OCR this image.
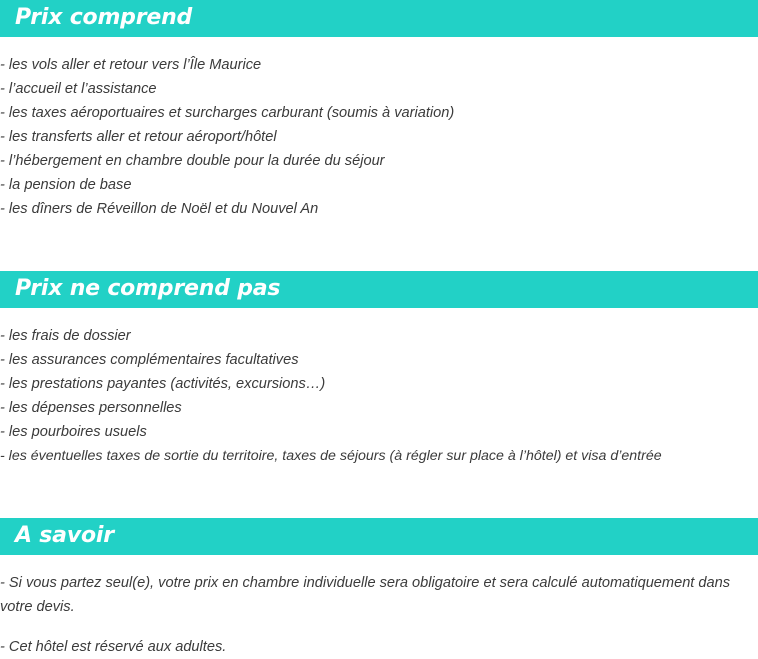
Prix comprend
- les vols aller et retour vers l’Île Maurice
- l’accueil et l’assistance
- les taxes aéroportuaires et surcharges carburant (soumis à variation)
- les transferts aller et retour aéroport/hôtel
- l’hébergement en chambre double pour la durée du séjour
- la pension de base
- les dîners de Réveillon de Noël et du Nouvel An
Prix ne comprend pas
- les frais de dossier
- les assurances complémentaires facultatives
- les prestations payantes (activités, excursions…)
- les dépenses personnelles
- les pourboires usuels
- les éventuelles taxes de sortie du territoire, taxes de séjours (à régler sur place à l’hôtel) et visa d’entrée
A savoir

- Si vous partez seul(e), votre prix en chambre individuelle sera obligatoire et sera calculé automatiquement dans votre devis.

- Cet hôtel est réservé aux adultes.
